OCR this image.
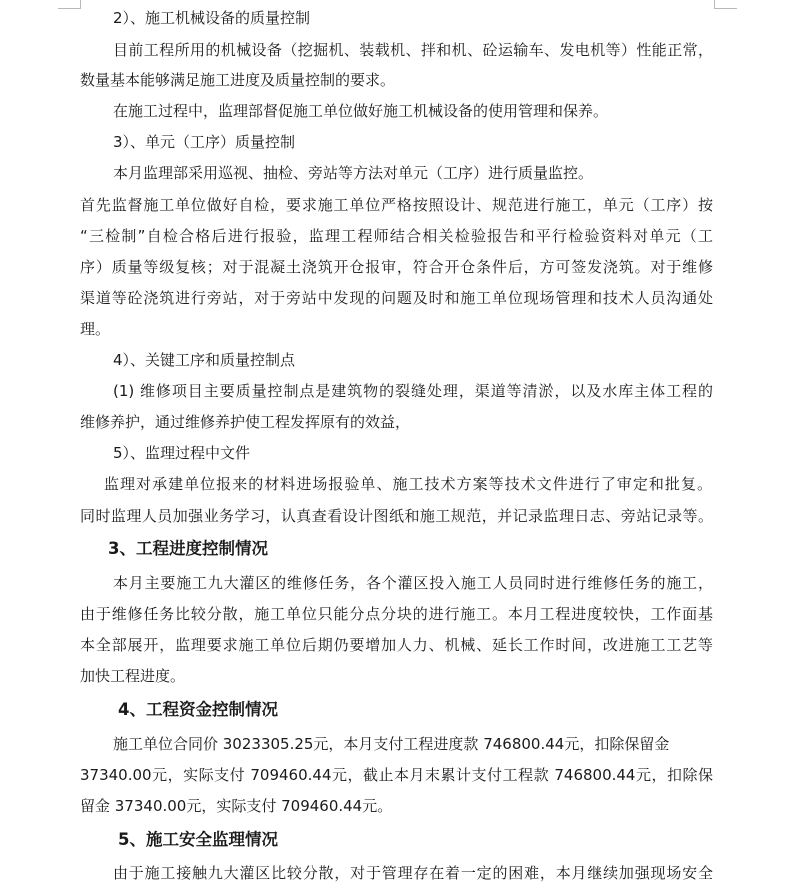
2）、施工机械设备的质量控制
目前工程所用的机械设备（挖掘机、装载机、拌和机、砼运输车、发电机等）性能正常，
数量基本能够满足施工进度及质量控制的要求。
在施工过程中，监理部督促施工单位做好施工机械设备的使用管理和保养。
3）、单元（工序）质量控制
本月监理部采用巡视、抽检、旁站等方法对单元（工序）进行质量监控。
首先监督施工单位做好自检，要求施工单位严格按照设计、规范进行施工，单元（工序）按
“三检制”自检合格后进行报验，监理工程师结合相关检验报告和平行检验资料对单元（工
序）质量等级复核；对于混凝土浇筑开仓报审，符合开仓条件后，方可签发浇筑。对于维修
渠道等砼浇筑进行旁站，对于旁站中发现的问题及时和施工单位现场管理和技术人员沟通处
理。
4）、关键工序和质量控制点
(1) 维修项目主要质量控制点是建筑物的裂缝处理，渠道等清淤，以及水库主体工程的
维修养护，通过维修养护使工程发挥原有的效益，
5）、监理过程中文件
监理对承建单位报来的材料进场报验单、施工技术方案等技术文件进行了审定和批复。
同时监理人员加强业务学习，认真查看设计图纸和施工规范，并记录监理日志、旁站记录等。
3、工程进度控制情况
本月主要施工九大灌区的维修任务，各个灌区投入施工人员同时进行维修任务的施工，
由于维修任务比较分散，施工单位只能分点分块的进行施工。本月工程进度较快，工作面基
本全部展开，监理要求施工单位后期仍要增加人力、机械、延长工作时间，改进施工工艺等
加快工程进度。
4、工程资金控制情况
施工单位合同价 3023305.25元，本月支付工程进度款 746800.44元，扣除保留金
37340.00元，实际支付 709460.44元，截止本月末累计支付工程款 746800.44元，扣除保
留金 37340.00元，实际支付 709460.44元。
5、施工安全监理情况
由于施工接触九大灌区比较分散，对于管理存在着一定的困难，本月继续加强现场安全
